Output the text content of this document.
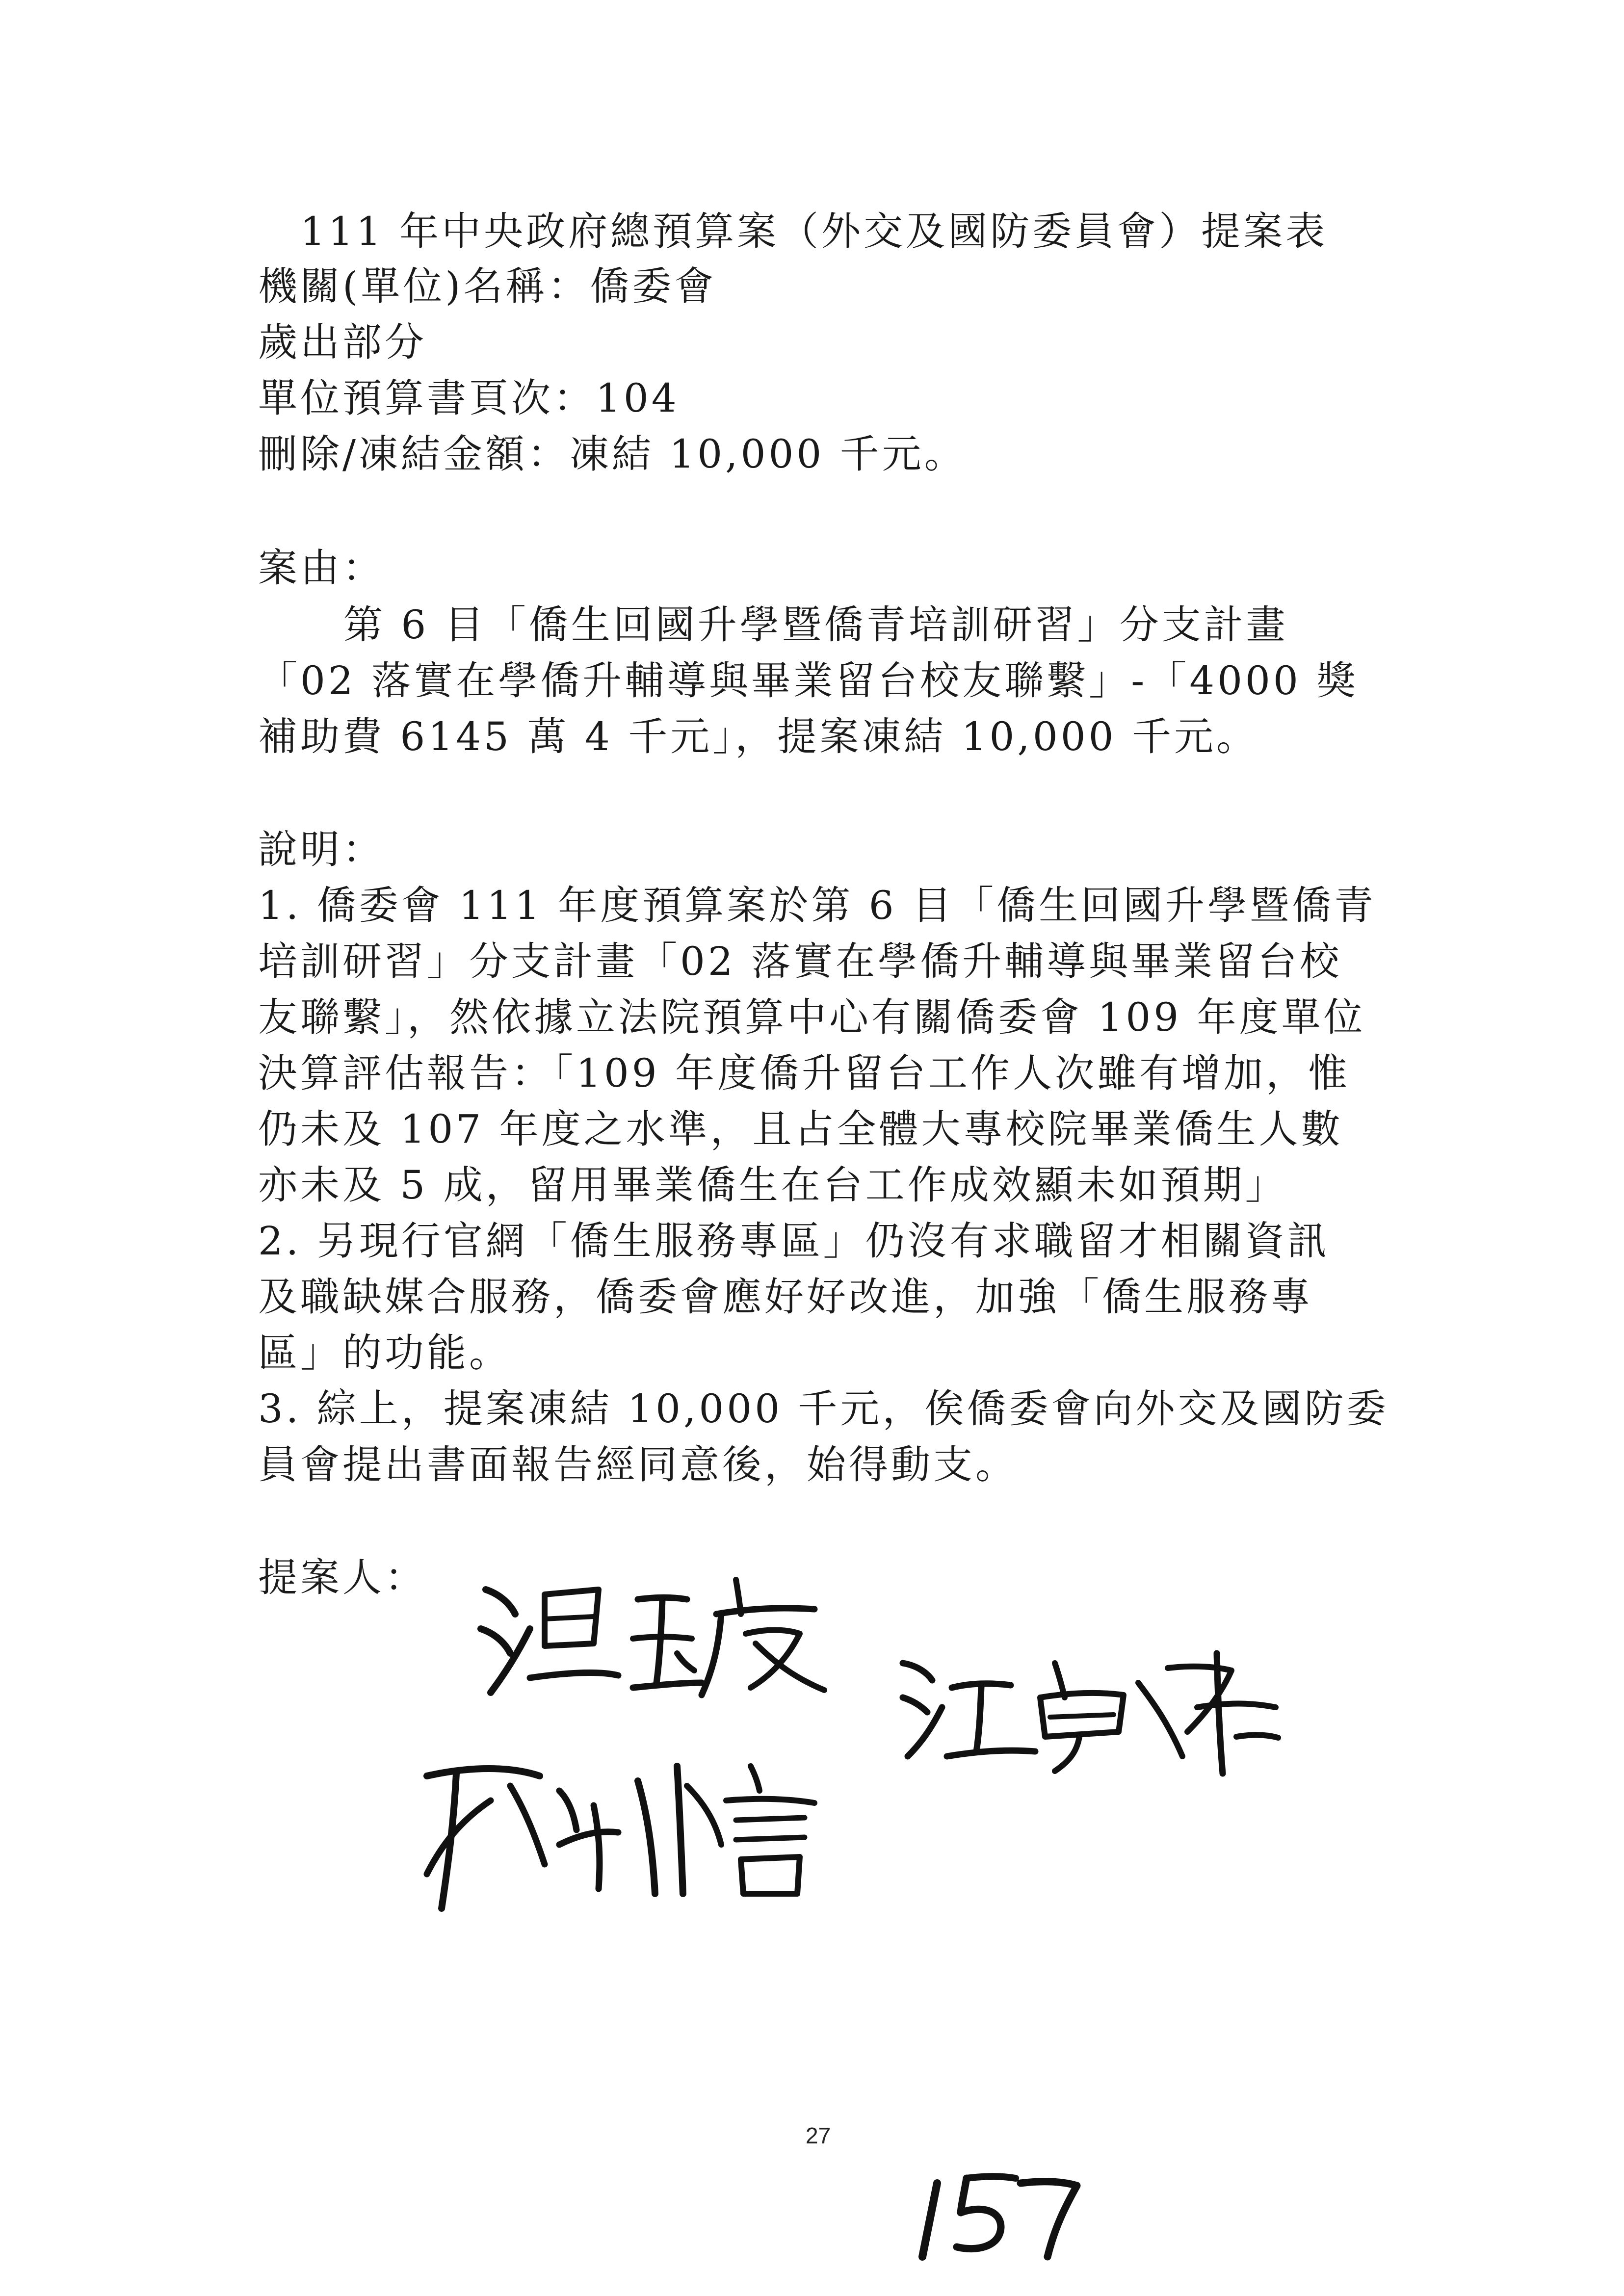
111 年中央政府總預算案（外交及國防委員會）提案表
機關(單位)名稱：僑委會
歲出部分
單位預算書頁次：104
刪除/凍結金額：凍結 10,000 千元。
案由：
第 6 目「僑生回國升學暨僑青培訓研習」分支計畫
「02 落實在學僑升輔導與畢業留台校友聯繫」-「4000 獎
補助費 6145 萬 4 千元」，提案凍結 10,000 千元。
說明：
1. 僑委會 111 年度預算案於第 6 目「僑生回國升學暨僑青
培訓研習」分支計畫「02 落實在學僑升輔導與畢業留台校
友聯繫」，然依據立法院預算中心有關僑委會 109 年度單位
決算評估報告：「109 年度僑升留台工作人次雖有增加，惟
仍未及 107 年度之水準，且占全體大專校院畢業僑生人數
亦未及 5 成，留用畢業僑生在台工作成效顯未如預期」
2. 另現行官網「僑生服務專區」仍沒有求職留才相關資訊
及職缺媒合服務，僑委會應好好改進，加強「僑生服務專
區」的功能。
3. 綜上，提案凍結 10,000 千元，俟僑委會向外交及國防委
員會提出書面報告經同意後，始得動支。
提案人：
27
